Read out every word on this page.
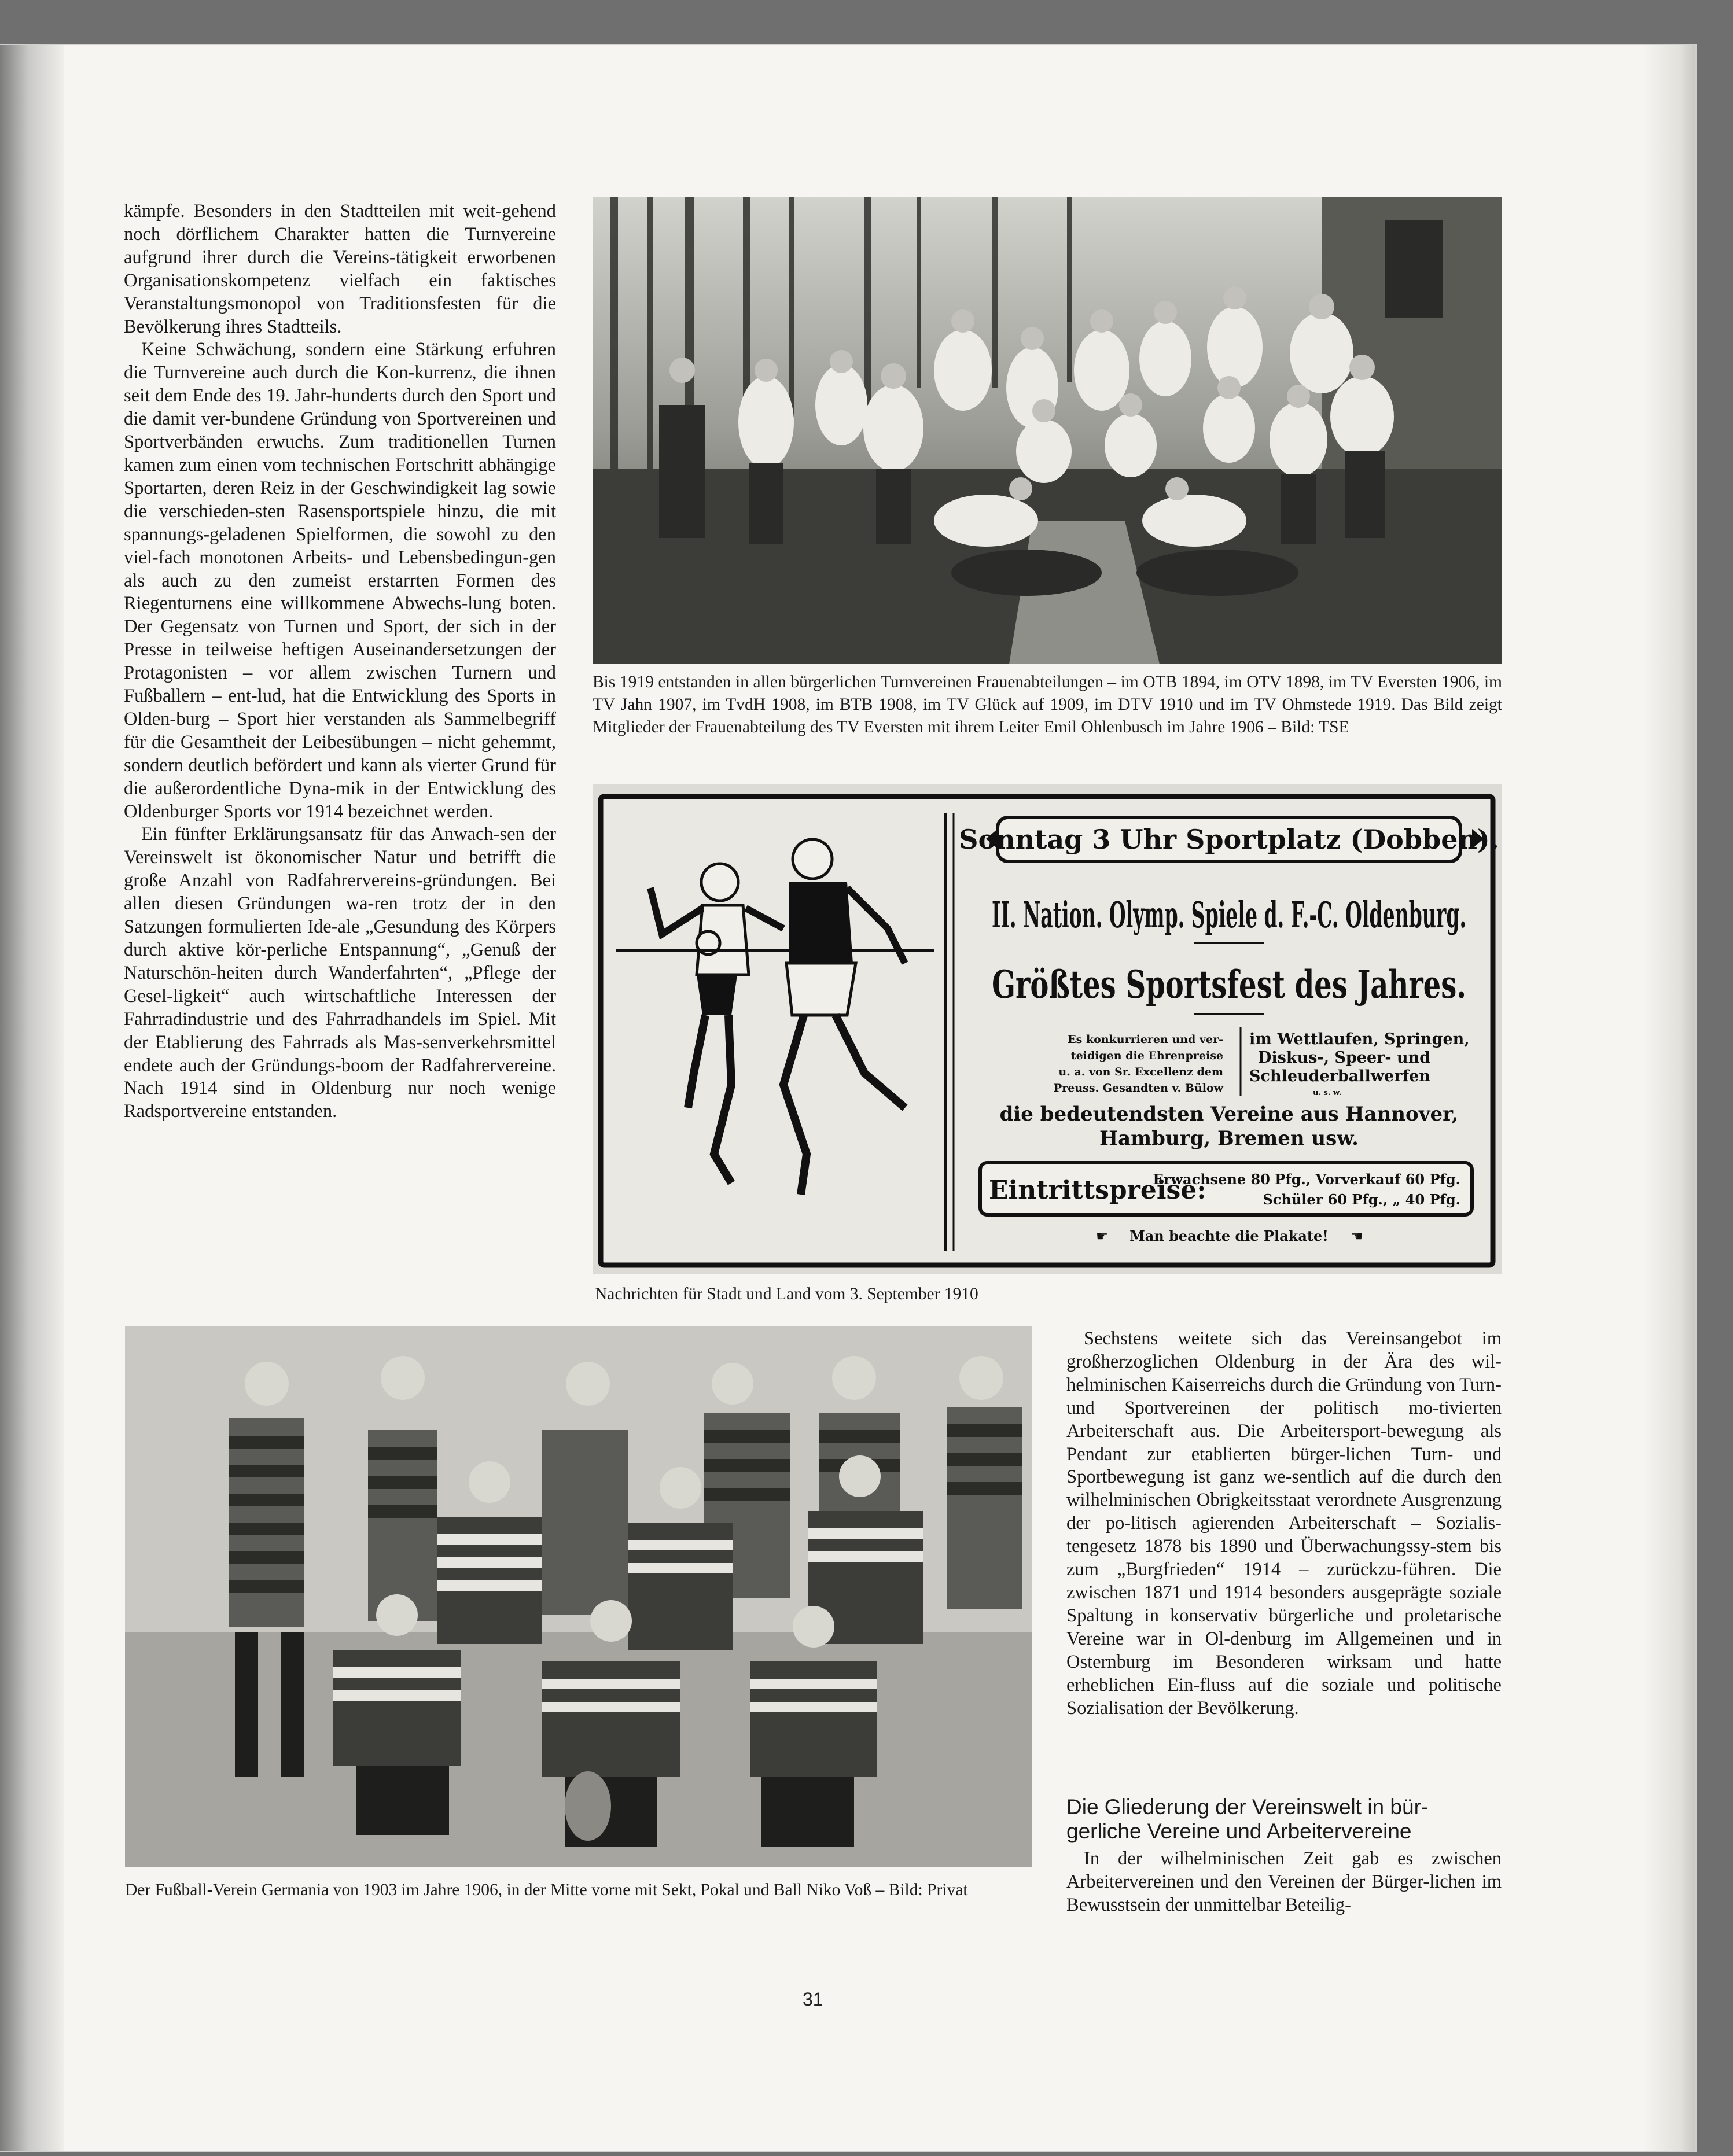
kämpfe. Besonders in den Stadtteilen mit weit-gehend noch dörflichem Charakter hatten die Turnvereine aufgrund ihrer durch die Vereins-tätigkeit erworbenen Organisationskompetenz vielfach ein faktisches Veranstaltungsmonopol von Traditionsfesten für die Bevölkerung ihres Stadtteils.

Keine Schwächung, sondern eine Stärkung erfuhren die Turnvereine auch durch die Kon-kurrenz, die ihnen seit dem Ende des 19. Jahr-hunderts durch den Sport und die damit ver-bundene Gründung von Sportvereinen und Sportverbänden erwuchs. Zum traditionellen Turnen kamen zum einen vom technischen Fortschritt abhängige Sportarten, deren Reiz in der Geschwindigkeit lag sowie die verschieden-sten Rasensportspiele hinzu, die mit spannungs-geladenen Spielformen, die sowohl zu den viel-fach monotonen Arbeits- und Lebensbedingun-gen als auch zu den zumeist erstarrten Formen des Riegenturnens eine willkommene Abwechs-lung boten. Der Gegensatz von Turnen und Sport, der sich in der Presse in teilweise heftigen Auseinandersetzungen der Protagonisten – vor allem zwischen Turnern und Fußballern – ent-lud, hat die Entwicklung des Sports in Olden-burg – Sport hier verstanden als Sammelbegriff für die Gesamtheit der Leibesübungen – nicht gehemmt, sondern deutlich befördert und kann als vierter Grund für die außerordentliche Dyna-mik in der Entwicklung des Oldenburger Sports vor 1914 bezeichnet werden.

Ein fünfter Erklärungsansatz für das Anwach-sen der Vereinswelt ist ökonomischer Natur und betrifft die große Anzahl von Radfahrervereins-gründungen. Bei allen diesen Gründungen wa-ren trotz der in den Satzungen formulierten Ide-ale „Gesundung des Körpers durch aktive kör-perliche Entspannung“, „Genuß der Naturschön-heiten durch Wanderfahrten“, „Pflege der Gesel-ligkeit“ auch wirtschaftliche Interessen der Fahrradindustrie und des Fahrradhandels im Spiel. Mit der Etablierung des Fahrrads als Mas-senverkehrsmittel endete auch der Gründungs-boom der Radfahrervereine. Nach 1914 sind in Oldenburg nur noch wenige Radsportvereine entstanden.

Bis 1919 entstanden in allen bürgerlichen Turnvereinen Frauenabteilungen – im OTB 1894, im OTV 1898, im TV Eversten 1906, im TV Jahn 1907, im TvdH 1908, im BTB 1908, im TV Glück auf 1909, im DTV 1910 und im TV Ohmstede 1919. Das Bild zeigt Mitglieder der Frauenabteilung des TV Eversten mit ihrem Leiter Emil Ohlenbusch im Jahre 1906 – Bild: TSE
Sonntag 3 Uhr Sportplatz (Dobben).
II. Nation. Olymp. Spiele d. F.-C. Oldenburg.
Größtes Sportsfest des Jahres.
Es konkurrieren und ver-
teidigen die Ehrenpreise
u. a. von Sr. Excellenz dem
Preuss. Gesandten v. Bülow
im Wettlaufen, Springen,
Diskus-, Speer- und
Schleuderballwerfen
u. s. w.
die bedeutendsten Vereine aus Hannover,
Hamburg, Bremen usw.
Eintrittspreise:
Erwachsene 80 Pfg., Vorverkauf 60 Pfg.
Schüler 60 Pfg., „ 40 Pfg.
Man beachte die Plakate!
☛	☚
Nachrichten für Stadt und Land vom 3. September 1910
Der Fußball-Verein Germania von 1903 im Jahre 1906, in der Mitte vorne mit Sekt, Pokal und Ball Niko Voß – Bild: Privat

Sechstens weitete sich das Vereinsangebot im großherzoglichen Oldenburg in der Ära des wil-helminischen Kaiserreichs durch die Gründung von Turn- und Sportvereinen der politisch mo-tivierten Arbeiterschaft aus. Die Arbeitersport-bewegung als Pendant zur etablierten bürger-lichen Turn- und Sportbewegung ist ganz we-sentlich auf die durch den wilhelminischen Obrigkeitsstaat verordnete Ausgrenzung der po-litisch agierenden Arbeiterschaft – Sozialis-tengesetz 1878 bis 1890 und Überwachungssy-stem bis zum „Burgfrieden“ 1914 – zurückzu-führen. Die zwischen 1871 und 1914 besonders ausgeprägte soziale Spaltung in konservativ bürgerliche und proletarische Vereine war in Ol-denburg im Allgemeinen und in Osternburg im Besonderen wirksam und hatte erheblichen Ein-fluss auf die soziale und politische Sozialisation der Bevölkerung.

Die Gliederung der Vereinswelt in bür-gerliche Vereine und Arbeitervereine

In der wilhelminischen Zeit gab es zwischen Arbeitervereinen und den Vereinen der Bürger-lichen im Bewusstsein der unmittelbar Beteilig-

31
